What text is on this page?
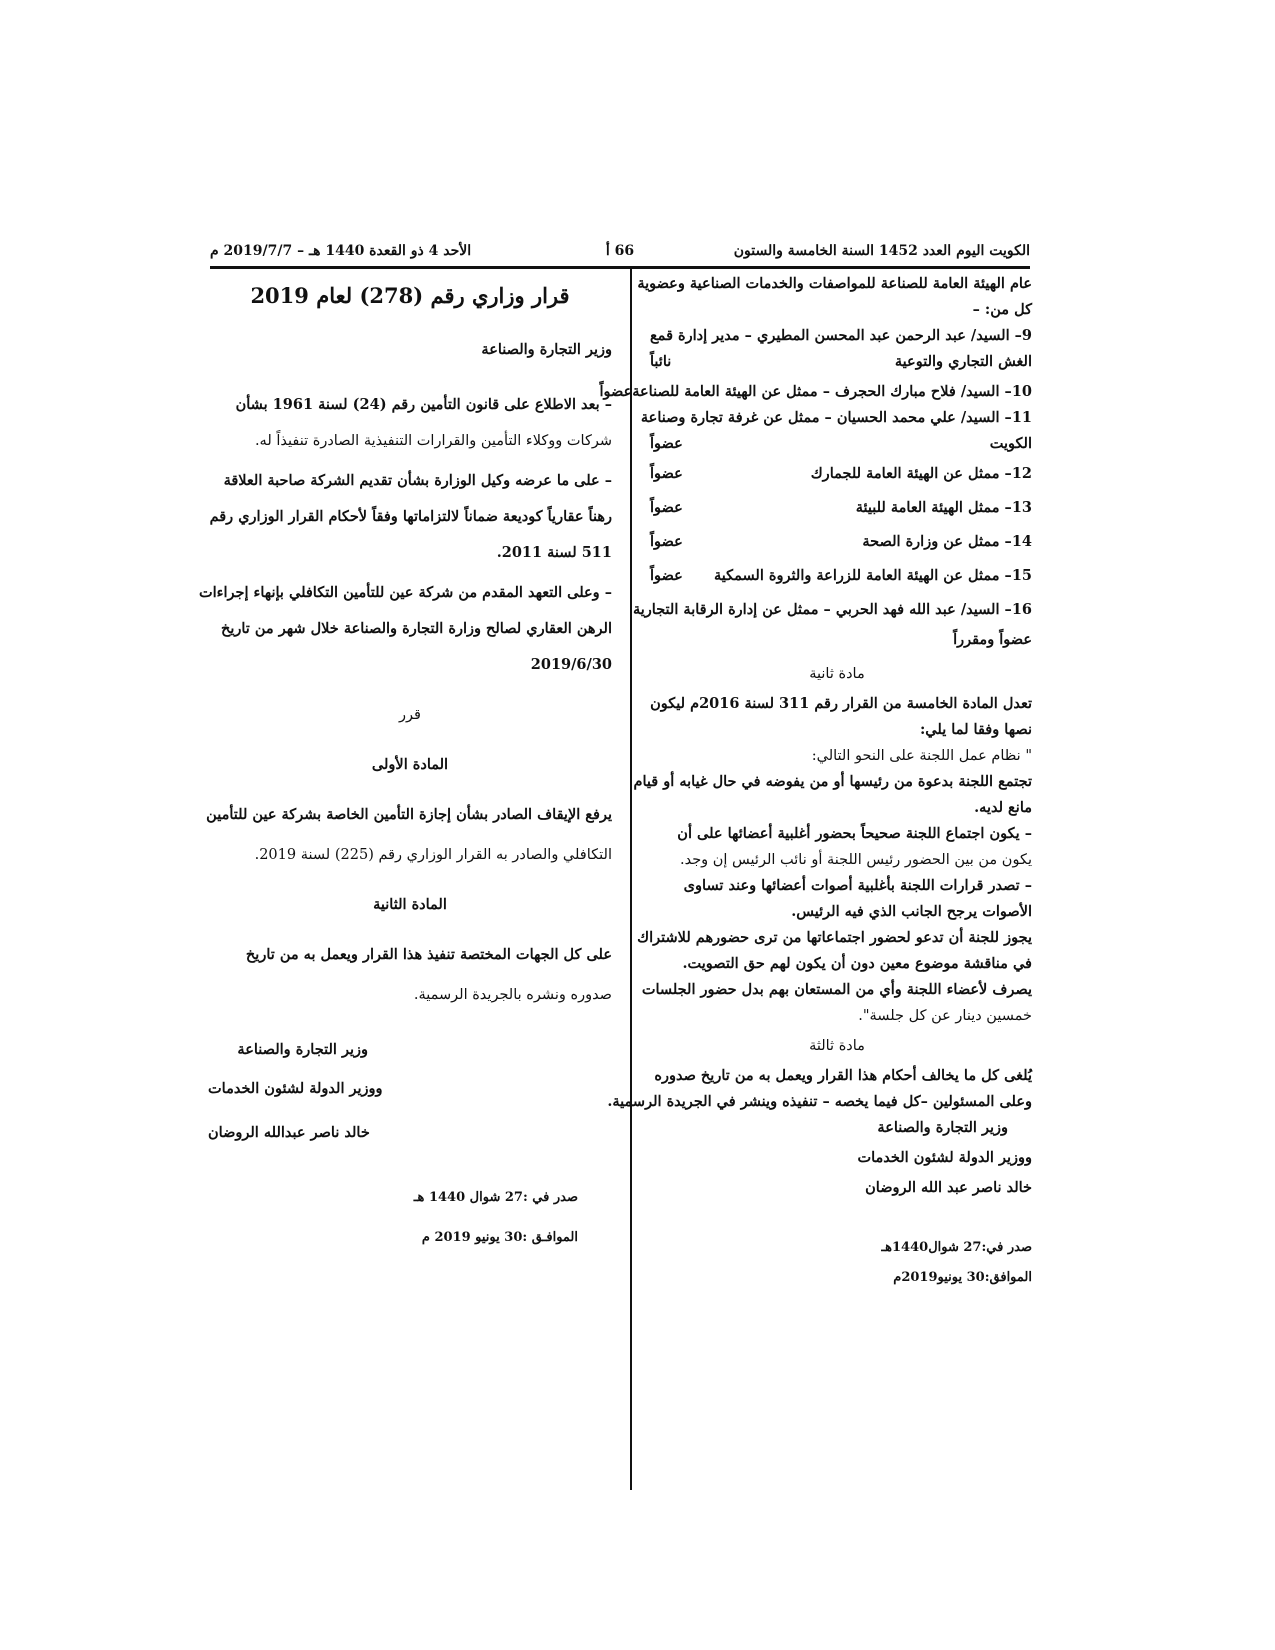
الكويت اليوم العدد 1452 السنة الخامسة والستون
66 أ
الأحد 4 ذو القعدة 1440 هـ – 2019/7/7 م
عام الهيئة العامة للصناعة للمواصفات والخدمات الصناعية وعضوية
كل من: –
9– السيد/ عبد الرحمن عبد المحسن المطيري – مدير إدارة قمع
الغش التجاري والتوعية
نائباً
10– السيد/ فلاح مبارك الحجرف – ممثل عن الهيئة العامة للصناعة
عضواً
11– السيد/ علي محمد الحسيان – ممثل عن غرفة تجارة وصناعة
الكويت
عضواً
12– ممثل عن الهيئة العامة للجمارك
عضواً
13– ممثل الهيئة العامة للبيئة
عضواً
14– ممثل عن وزارة الصحة
عضواً
15– ممثل عن الهيئة العامة للزراعة والثروة السمكية
عضواً
16– السيد/ عبد الله فهد الحربي – ممثل عن إدارة الرقابة التجارية
عضواً ومقرراً
مادة ثانية
تعدل المادة الخامسة من القرار رقم 311 لسنة 2016م ليكون
نصها وفقا لما يلي:
" نظام عمل اللجنة على النحو التالي:
تجتمع اللجنة بدعوة من رئيسها أو من يفوضه في حال غيابه أو قيام
مانع لديه.
– يكون اجتماع اللجنة صحيحاً بحضور أغلبية أعضائها على أن
يكون من بين الحضور رئيس اللجنة أو نائب الرئيس إن وجد.
– تصدر قرارات اللجنة بأغلبية أصوات أعضائها وعند تساوى
الأصوات يرجح الجانب الذي فيه الرئيس.
يجوز للجنة أن تدعو لحضور اجتماعاتها من ترى حضورهم للاشتراك
في مناقشة موضوع معين دون أن يكون لهم حق التصويت.
يصرف لأعضاء اللجنة وأي من المستعان بهم بدل حضور الجلسات
خمسين دينار عن كل جلسة".
مادة ثالثة
يُلغى كل ما يخالف أحكام هذا القرار ويعمل به من تاريخ صدوره
وعلى المسئولين –كل فيما يخصه – تنفيذه وينشر في الجريدة الرسمية.
وزير التجارة والصناعة
ووزير الدولة لشئون الخدمات
خالد ناصر عبد الله الروضان
صدر في:27 شوال1440هـ
الموافق:30 يونيو2019م
قرار وزاري رقم (278) لعام 2019
وزير التجارة والصناعة
– بعد الاطلاع على قانون التأمين رقم (24) لسنة 1961 بشأن
شركات ووكلاء التأمين والقرارات التنفيذية الصادرة تنفيذاً له.
– على ما عرضه وكيل الوزارة بشأن تقديم الشركة صاحبة العلاقة
رهناً عقارياً كوديعة ضماناً لالتزاماتها وفقاً لأحكام القرار الوزاري رقم
511 لسنة 2011.
– وعلى التعهد المقدم من شركة عين للتأمين التكافلي بإنهاء إجراءات
الرهن العقاري لصالح وزارة التجارة والصناعة خلال شهر من تاريخ
2019/6/30
قرر
المادة الأولى
يرفع الإيقاف الصادر بشأن إجازة التأمين الخاصة بشركة عين للتأمين
التكافلي والصادر به القرار الوزاري رقم (225) لسنة 2019.
المادة الثانية
على كل الجهات المختصة تنفيذ هذا القرار ويعمل به من تاريخ
صدوره ونشره بالجريدة الرسمية.
وزير التجارة والصناعة
ووزير الدولة لشئون الخدمات
خالد ناصر عبدالله الروضان
صدر في :27 شوال 1440 هـ
الموافـق :30 يونيو 2019 م
